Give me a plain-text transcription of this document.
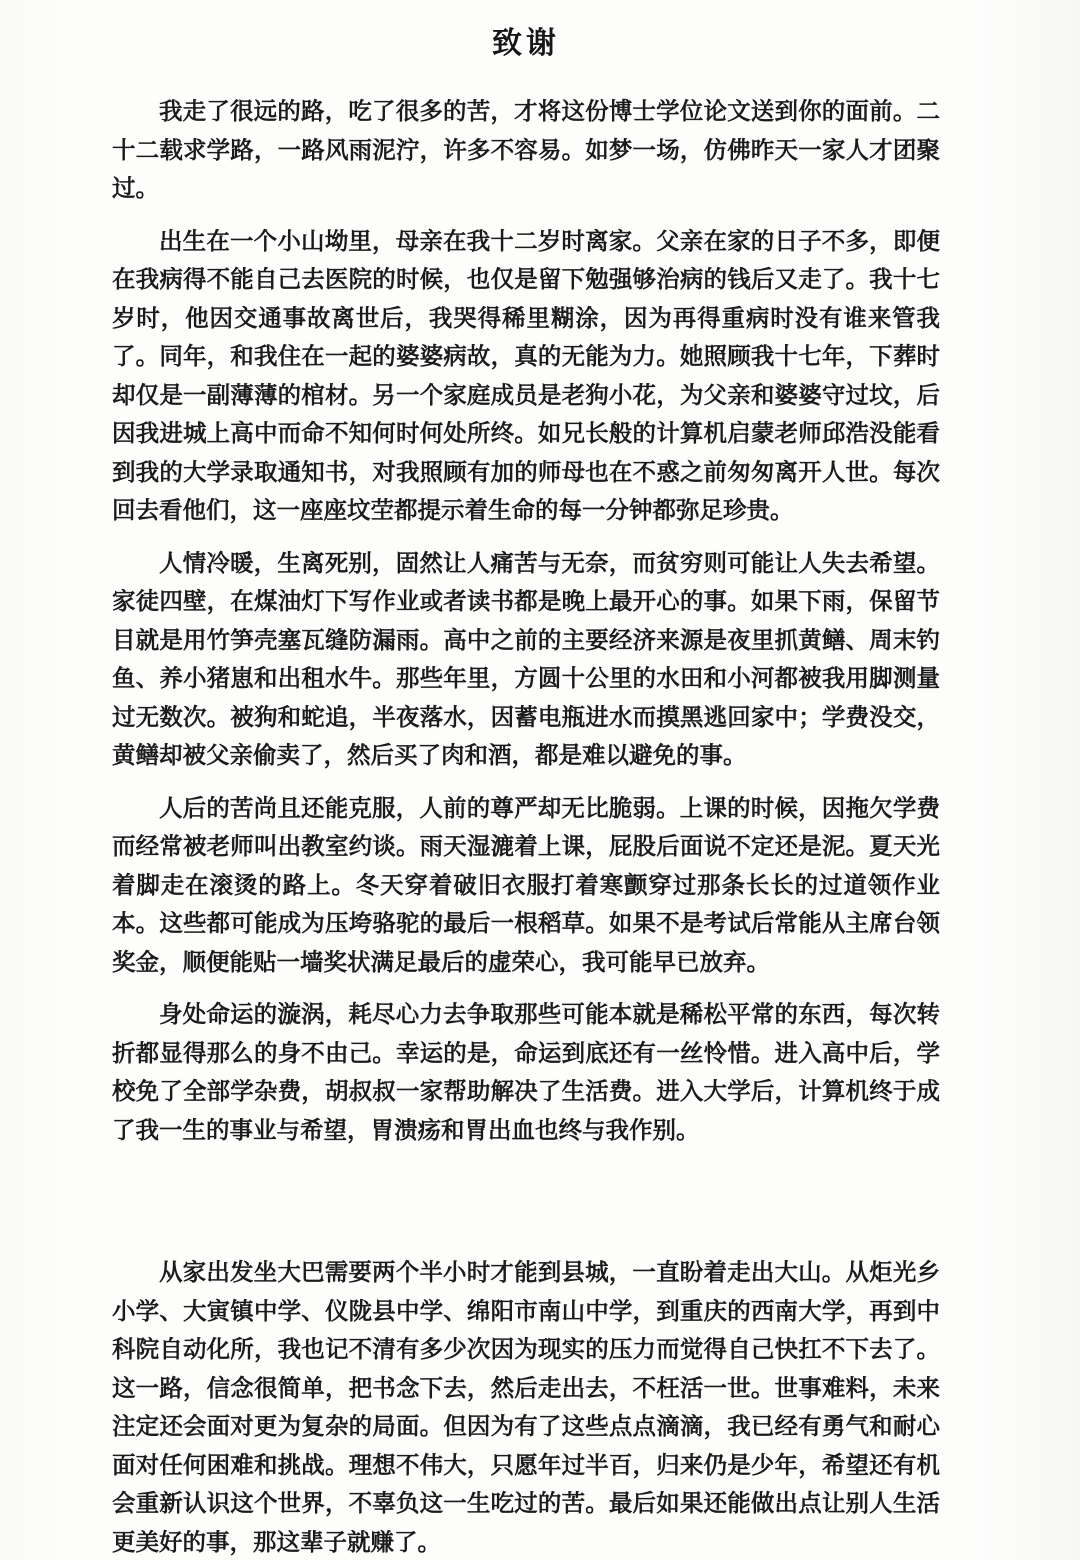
致谢

我走了很远的路，吃了很多的苦，才将这份博士学位论文送到你的面前。二十二载求学路，一路风雨泥泞，许多不容易。如梦一场，仿佛昨天一家人才团聚过。

出生在一个小山坳里，母亲在我十二岁时离家。父亲在家的日子不多，即便在我病得不能自己去医院的时候，也仅是留下勉强够治病的钱后又走了。我十七岁时，他因交通事故离世后，我哭得稀里糊涂，因为再得重病时没有谁来管我了。同年，和我住在一起的婆婆病故，真的无能为力。她照顾我十七年，下葬时却仅是一副薄薄的棺材。另一个家庭成员是老狗小花，为父亲和婆婆守过坟，后因我进城上高中而命不知何时何处所终。如兄长般的计算机启蒙老师邱浩没能看到我的大学录取通知书，对我照顾有加的师母也在不惑之前匆匆离开人世。每次回去看他们，这一座座坟茔都提示着生命的每一分钟都弥足珍贵。

人情冷暖，生离死别，固然让人痛苦与无奈，而贫穷则可能让人失去希望。家徒四壁，在煤油灯下写作业或者读书都是晚上最开心的事。如果下雨，保留节目就是用竹笋壳塞瓦缝防漏雨。高中之前的主要经济来源是夜里抓黄鳝、周末钓鱼、养小猪崽和出租水牛。那些年里，方圆十公里的水田和小河都被我用脚测量过无数次。被狗和蛇追，半夜落水，因蓄电瓶进水而摸黑逃回家中；学费没交，黄鳝却被父亲偷卖了，然后买了肉和酒，都是难以避免的事。

人后的苦尚且还能克服，人前的尊严却无比脆弱。上课的时候，因拖欠学费而经常被老师叫出教室约谈。雨天湿漉着上课，屁股后面说不定还是泥。夏天光着脚走在滚烫的路上。冬天穿着破旧衣服打着寒颤穿过那条长长的过道领作业本。这些都可能成为压垮骆驼的最后一根稻草。如果不是考试后常能从主席台领奖金，顺便能贴一墙奖状满足最后的虚荣心，我可能早已放弃。

身处命运的漩涡，耗尽心力去争取那些可能本就是稀松平常的东西，每次转折都显得那么的身不由己。幸运的是，命运到底还有一丝怜惜。进入高中后，学校免了全部学杂费，胡叔叔一家帮助解决了生活费。进入大学后，计算机终于成了我一生的事业与希望，胃溃疡和胃出血也终与我作别。

从家出发坐大巴需要两个半小时才能到县城，一直盼着走出大山。从炬光乡小学、大寅镇中学、仪陇县中学、绵阳市南山中学，到重庆的西南大学，再到中科院自动化所，我也记不清有多少次因为现实的压力而觉得自己快扛不下去了。这一路，信念很简单，把书念下去，然后走出去，不枉活一世。世事难料，未来注定还会面对更为复杂的局面。但因为有了这些点点滴滴，我已经有勇气和耐心面对任何困难和挑战。理想不伟大，只愿年过半百，归来仍是少年，希望还有机会重新认识这个世界，不辜负这一生吃过的苦。最后如果还能做出点让别人生活更美好的事，那这辈子就赚了。
